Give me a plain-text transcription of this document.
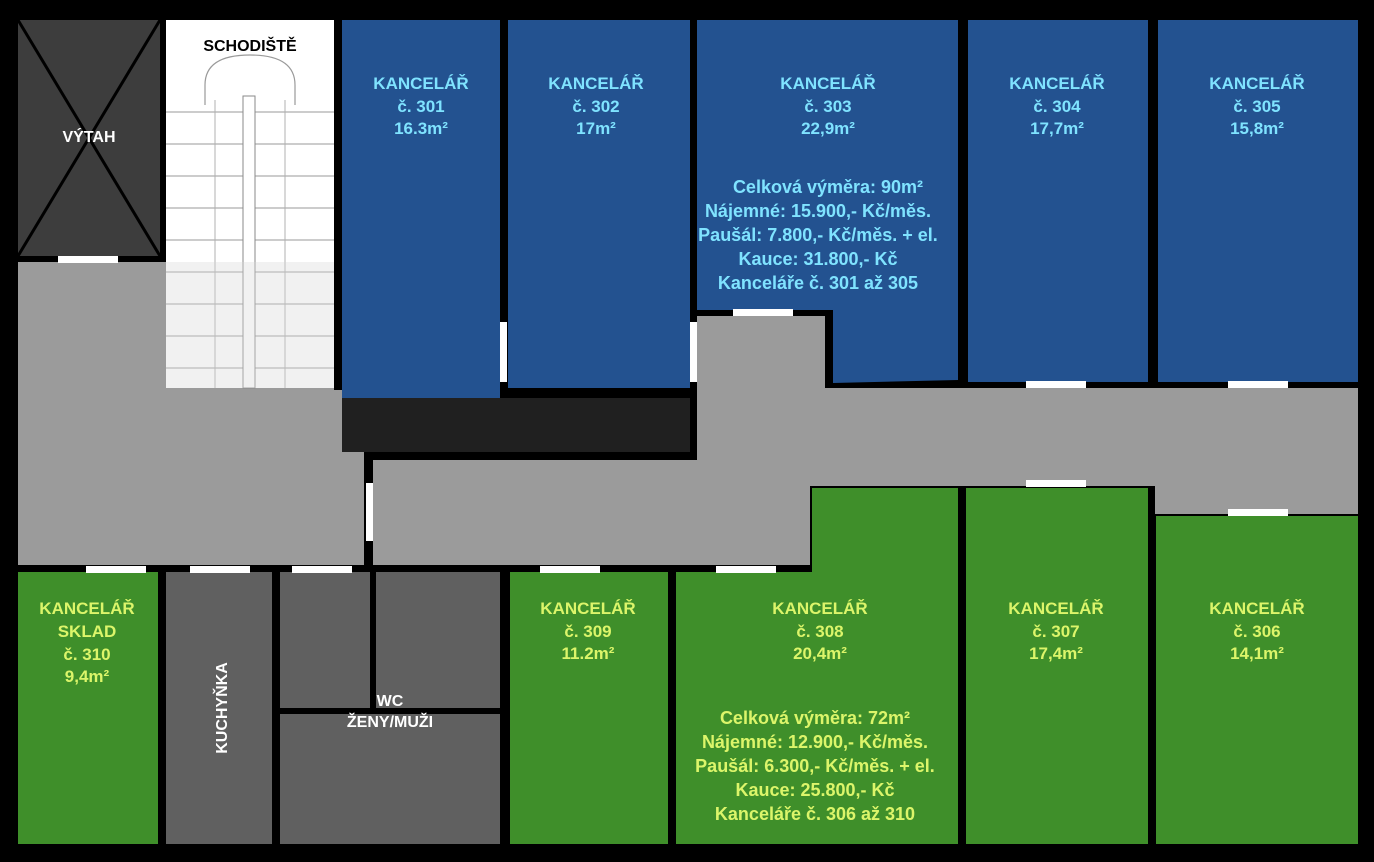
VÝTAH
SCHODIŠTĚ
KUCHYŇKA	WC
ŽENY/MUŽI
KANCELÁŘ
č. 301
16.3m²
KANCELÁŘ
č. 302
17m²
KANCELÁŘ
č. 303
22,9m²
KANCELÁŘ
č. 304
17,7m²
KANCELÁŘ
č. 305
15,8m²
Celková výměra: 90m²
Nájemné: 15.900,- Kč/měs.
Paušál: 7.800,- Kč/měs. + el.
Kauce: 31.800,- Kč
Kanceláře č. 301 až 305
KANCELÁŘ
SKLAD
č. 310
9,4m²
KANCELÁŘ
č. 309
11.2m²
KANCELÁŘ
č. 308
20,4m²
KANCELÁŘ
č. 307
17,4m²
KANCELÁŘ
č. 306
14,1m²
Celková výměra: 72m²
Nájemné: 12.900,- Kč/měs.
Paušál: 6.300,- Kč/měs. + el.
Kauce: 25.800,- Kč
Kanceláře č. 306 až 310
